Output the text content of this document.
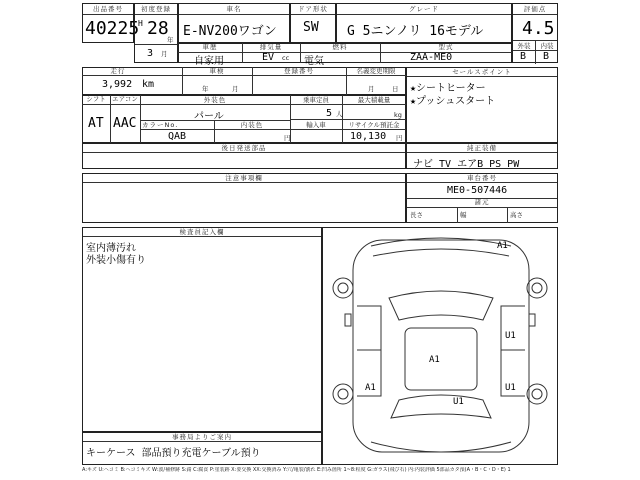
出品番号
40225
初度登録
H 28
年
3 月
車名
E-NV200ワゴン
ドア形状
SW
グレード
G 5ニンノリ 16モデル
評価点
4.5
外装	内装
B B
車歴
自家用
排気量
EV cc
燃料
電気
型式
ZAA-ME0
走行
3,992 km
車検
年	月
登録番号	名義変更期限
月	日
セールスポイント
★シートヒーター
★プッシュスタート
シフト
AT
エアコン
AAC
外装色
パール
カラーNo.	内装色
QAB	円
乗車定員
5 人
最大積載量
kg
輸入車	リサイクル預託金
10,130 円
後日発送部品	純正装備
ナビ TV エアB PS PW
注意事項欄	車台番号
ME0-507446
諸元
長さ	幅	高さ
検査員記入欄
室内薄汚れ
外装小傷有り
A1
U1
A1
A1	U1
U1
事務局よりご案内
キーケース 部品預り充電ケーブル預り
A:キズ U:ヘコミ B:ヘコミキズ W:波/補修跡 S:錆 C:腐食 P:塗装跡 X:要交換 XX:交換済み Y:穴/亀裂/割れ E:凹み箇所 1~8:程度 G:ガラス(飛び石) 内:内装評価 5部品カタ預(A・B・C・D・E) 1
